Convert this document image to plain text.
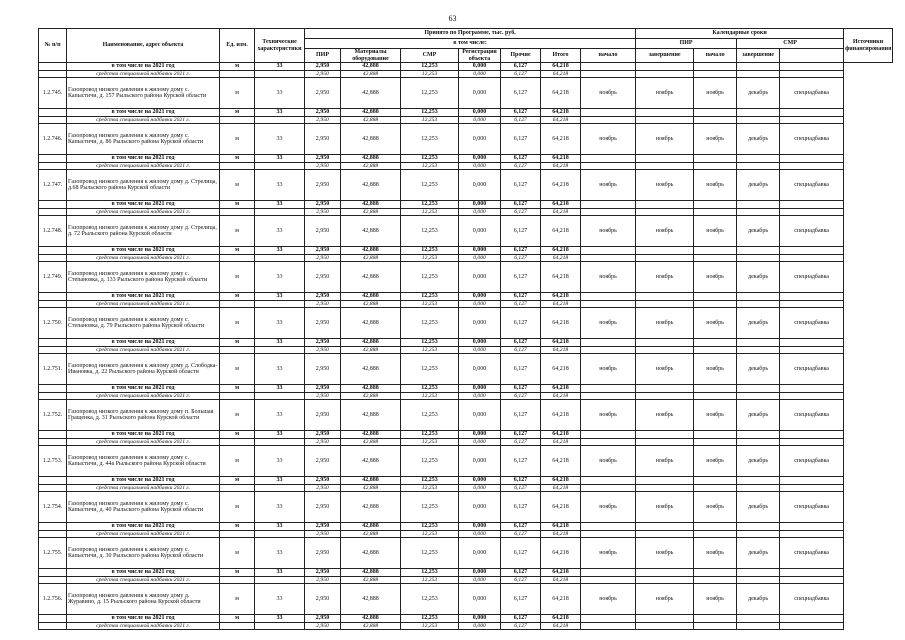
63
№ п/п	Наименование, адрес объекта	Ед. изм.	Технические характеристики	Принято по Программе, тыс. руб.							Календарные сроки				Источники финансирования
				в том числе:							ПИР		СМР		
				ПИР	Материалы оборудование	СМР	Регистрация объекта	Прочие	Итого	начало	завершение	начало	завершение		
	в том числе на 2021 год	м	33	2,950	42,888	12,253	0,000	6,127	64,218						
	средства специальной надбавки 2021 г.			2,950	42,888	12,253	0,000	6,127	64,218						
1.2.745.	Газопровод низкого давления к жилому дому с. Капыстичи, д. 157 Рыльского района Курской области	м	33	2,950	42,888	12,253	0,000	6,127	64,218	ноябрь	ноябрь	ноябрь	декабрь	спецнадбавка	
	в том числе на 2021 год	м	33	2,950	42,888	12,253	0,000	6,127	64,218						
	средства специальной надбавки 2021 г.			2,950	42,888	12,253	0,000	6,127	64,218						
1.2.746.	Газопровод низкого давления к жилому дому с. Капыстичи, д. 86 Рыльского района Курской области	м	33	2,950	42,888	12,253	0,000	6,127	64,218	ноябрь	ноябрь	ноябрь	декабрь	спецнадбавка	
	в том числе на 2021 год	м	33	2,950	42,888	12,253	0,000	6,127	64,218						
	средства специальной надбавки 2021 г.			2,950	42,888	12,253	0,000	6,127	64,218						
1.2.747.	Газопровод низкого давления к жилому дому д. Стрелица, д.68 Рыльского района Курской области	м	33	2,950	42,888	12,253	0,000	6,127	64,218	ноябрь	ноябрь	ноябрь	декабрь	спецнадбавка	
	в том числе на 2021 год	м	33	2,950	42,888	12,253	0,000	6,127	64,218						
	средства специальной надбавки 2021 г.			2,950	42,888	12,253	0,000	6,127	64,218						
1.2.748.	Газопровод низкого давления к жилому дому д. Стрелица, д. 72 Рыльского района Курской области	м	33	2,950	42,888	12,253	0,000	6,127	64,218	ноябрь	ноябрь	ноябрь	декабрь	спецнадбавка	
	в том числе на 2021 год	м	33	2,950	42,888	12,253	0,000	6,127	64,218						
	средства специальной надбавки 2021 г.			2,950	42,888	12,253	0,000	6,127	64,218						
1.2.749.	Газопровод низкого давления к жилому дому с. Степановка, д. 133 Рыльского района Курской области	м	33	2,950	42,888	12,253	0,000	6,127	64,218	ноябрь	ноябрь	ноябрь	декабрь	спецнадбавка	
	в том числе на 2021 год	м	33	2,950	42,888	12,253	0,000	6,127	64,218						
	средства специальной надбавки 2021 г.			2,950	42,888	12,253	0,000	6,127	64,218						
1.2.750.	Газопровод низкого давления к жилому дому с. Степановка, д. 79 Рыльского района Курской области	м	33	2,950	42,888	12,253	0,000	6,127	64,218	ноябрь	ноябрь	ноябрь	декабрь	спецнадбавка	
	в том числе на 2021 год	м	33	2,950	42,888	12,253	0,000	6,127	64,218						
	средства специальной надбавки 2021 г.			2,950	42,888	12,253	0,000	6,127	64,218						
1.2.751.	Газопровод низкого давления к жилому дому д. Слободка-Ивановка, д. 22 Рыльского района Курской области	м	33	2,950	42,888	12,253	0,000	6,127	64,218	ноябрь	ноябрь	ноябрь	декабрь	спецнадбавка	
	в том числе на 2021 год	м	33	2,950	42,888	12,253	0,000	6,127	64,218						
	средства специальной надбавки 2021 г.			2,950	42,888	12,253	0,000	6,127	64,218						
1.2.752.	Газопровод низкого давления к жилому дому п. Большая Гращенка, д. 31 Рыльского района Курской области	м	33	2,950	42,888	12,253	0,000	6,127	64,218	ноябрь	ноябрь	ноябрь	декабрь	спецнадбавка	
	в том числе на 2021 год	м	33	2,950	42,888	12,253	0,000	6,127	64,218						
	средства специальной надбавки 2021 г.			2,950	42,888	12,253	0,000	6,127	64,218						
1.2.753.	Газопровод низкого давления к жилому дому с. Капыстичи, д. 44а Рыльского района Курской области	м	33	2,950	42,888	12,253	0,000	6,127	64,218	ноябрь	ноябрь	ноябрь	декабрь	спецнадбавка	
	в том числе на 2021 год	м	33	2,950	42,888	12,253	0,000	6,127	64,218						
	средства специальной надбавки 2021 г.			2,950	42,888	12,253	0,000	6,127	64,218						
1.2.754.	Газопровод низкого давления к жилому дому с. Капыстичи, д. 40 Рыльского района Курской области	м	33	2,950	42,888	12,253	0,000	6,127	64,218	ноябрь	ноябрь	ноябрь	декабрь	спецнадбавка	
	в том числе на 2021 год	м	33	2,950	42,888	12,253	0,000	6,127	64,218						
	средства специальной надбавки 2021 г.			2,950	42,888	12,253	0,000	6,127	64,218						
1.2.755.	Газопровод низкого давления к жилому дому с. Капыстичи, д. 30 Рыльского района Курской области	м	33	2,950	42,888	12,253	0,000	6,127	64,218	ноябрь	ноябрь	ноябрь	декабрь	спецнадбавка	
	в том числе на 2021 год	м	33	2,950	42,888	12,253	0,000	6,127	64,218						
	средства специальной надбавки 2021 г.			2,950	42,888	12,253	0,000	6,127	64,218						
1.2.756.	Газопровод низкого давления к жилому дому д. Журавино, д. 15 Рыльского района Курской области	м	33	2,950	42,888	12,253	0,000	6,127	64,218	ноябрь	ноябрь	ноябрь	декабрь	спецнадбавка	
	в том числе на 2021 год	м	33	2,950	42,888	12,253	0,000	6,127	64,218						
	средства специальной надбавки 2021 г.			2,950	42,888	12,253	0,000	6,127	64,218						
